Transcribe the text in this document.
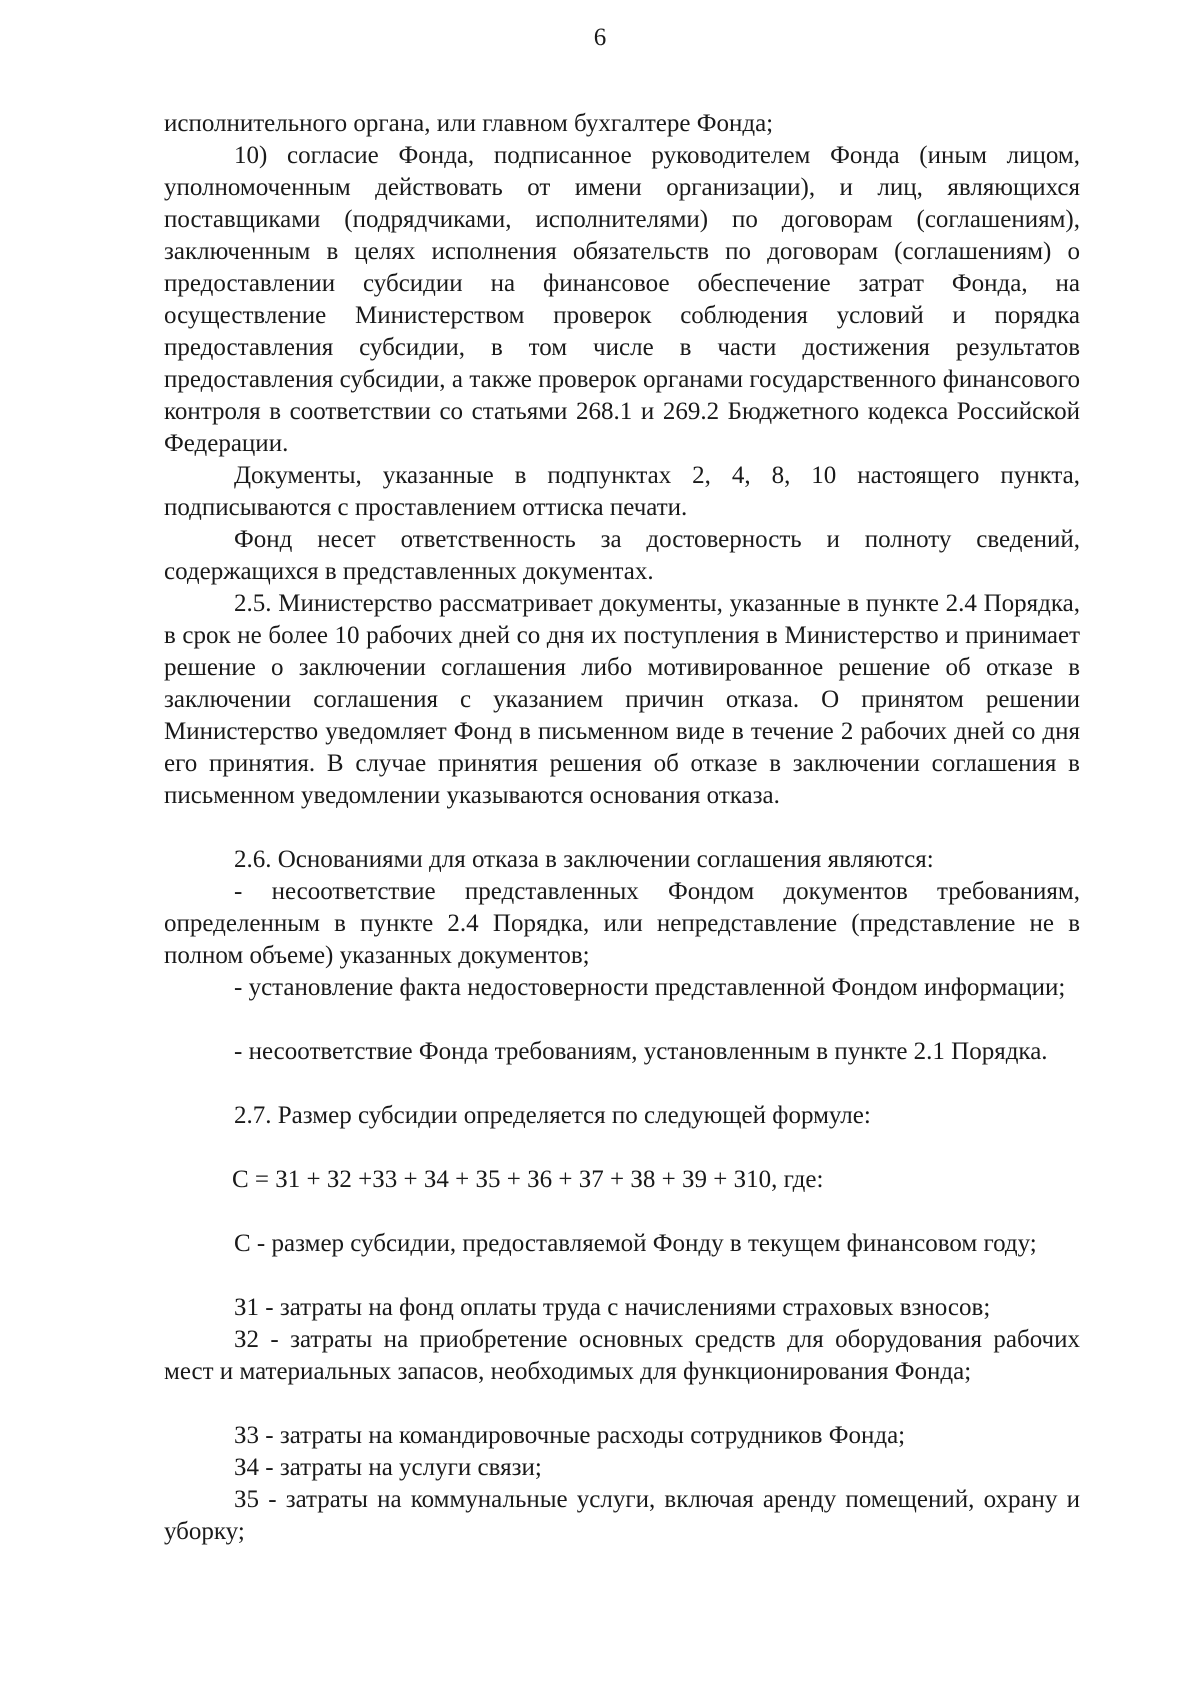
6

исполнительного органа, или главном бухгалтере Фонда;

10) согласие Фонда, подписанное руководителем Фонда (иным лицом, уполномоченным действовать от имени организации), и лиц, являющихся поставщиками (подрядчиками, исполнителями) по договорам (соглашениям), заключенным в целях исполнения обязательств по договорам (соглашениям) о предоставлении субсидии на финансовое обеспечение затрат Фонда, на осуществление Министерством проверок соблюдения условий и порядка предоставления субсидии, в том числе в части достижения результатов предоставления субсидии, а также проверок органами государственного финансового контроля в соответствии со статьями 268.1 и 269.2 Бюджетного кодекса Российской Федерации.

Документы, указанные в подпунктах 2, 4, 8, 10 настоящего пункта, подписываются с проставлением оттиска печати.

Фонд несет ответственность за достоверность и полноту сведений, содержащихся в представленных документах.

2.5. Министерство рассматривает документы, указанные в пункте 2.4 Порядка, в срок не более 10 рабочих дней со дня их поступления в Министерство и принимает решение о заключении соглашения либо мотивированное решение об отказе в заключении соглашения с указанием причин отказа. О принятом решении Министерство уведомляет Фонд в письменном виде в течение 2 рабочих дней со дня его принятия. В случае принятия решения об отказе в заключении соглашения в письменном уведомлении указываются основания отказа.

2.6. Основаниями для отказа в заключении соглашения являются:

- несоответствие представленных Фондом документов требованиям, определенным в пункте 2.4 Порядка, или непредставление (представление не в полном объеме) указанных документов;

- установление факта недостоверности представленной Фондом информации;

- несоответствие Фонда требованиям, установленным в пункте 2.1 Порядка.

2.7. Размер субсидии определяется по следующей формуле:

С = З1 + З2 +З3 + З4 + З5 + З6 + З7 + З8 + З9 + З10, где:

С - размер субсидии, предоставляемой Фонду в текущем финансовом году;

З1 - затраты на фонд оплаты труда с начислениями страховых взносов;

З2 - затраты на приобретение основных средств для оборудования рабочих мест и материальных запасов, необходимых для функционирования Фонда;

З3 - затраты на командировочные расходы сотрудников Фонда;

З4 - затраты на услуги связи;

З5 - затраты на коммунальные услуги, включая аренду помещений, охрану и уборку;
